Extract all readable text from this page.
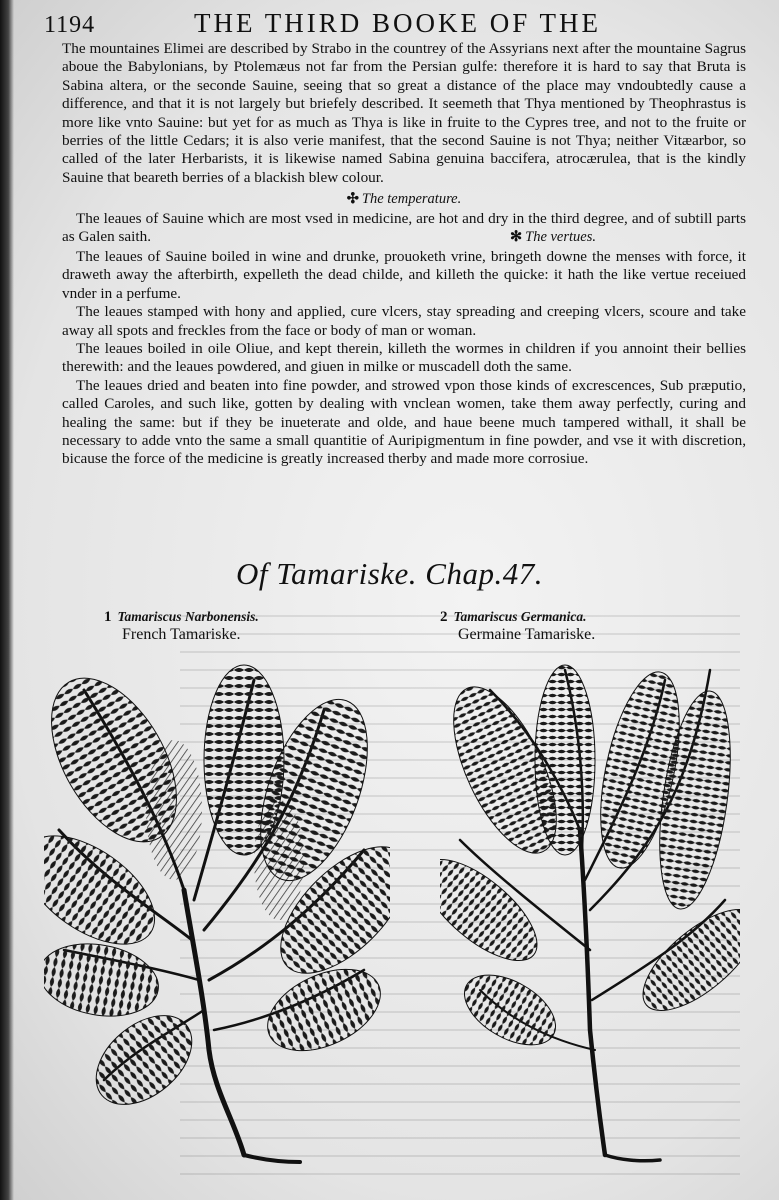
1194	THE THIRD BOOKE OF THE

The mountaines Elimei are described by Strabo in the countrey of the Assyrians next after the mountaine Sagrus aboue the Babylonians, by Ptolemæus not far from the Persian gulfe: therefore it is hard to say that Bruta is Sabina altera, or the seconde Sauine, seeing that so great a distance of the place may vndoubtedly cause a difference, and that it is not largely but briefely described. It seemeth that Thya mentioned by Theophrastus is more like vnto Sauine: but yet for as much as Thya is like in fruite to the Cypres tree, and not to the fruite or berries of the little Cedars; it is also verie manifest, that the second Sauine is not Thya; neither Vitæarbor, so called of the later Herbarists, it is likewise named Sabina genuina baccifera, atrocærulea, that is the kindly Sauine that beareth berries of a blackish blew colour.

✣ The temperature.

The leaues of Sauine which are most vsed in medicine, are hot and dry in the third degree, and of subtill parts as Galen saith.	✻ The vertues.

The leaues of Sauine boiled in wine and drunke, prouoketh vrine, bringeth downe the menses with force, it draweth away the afterbirth, expelleth the dead childe, and killeth the quicke: it hath the like vertue receiued vnder in a perfume.

The leaues stamped with hony and applied, cure vlcers, stay spreading and creeping vlcers, scoure and take away all spots and freckles from the face or body of man or woman.

The leaues boiled in oile Oliue, and kept therein, killeth the wormes in children if you annoint their bellies therewith: and the leaues powdered, and giuen in milke or muscadell doth the same.

The leaues dried and beaten into fine powder, and strowed vpon those kinds of excrescences, Sub præputio, called Caroles, and such like, gotten by dealing with vnclean women, take them away perfectly, curing and healing the same: but if they be inueterate and olde, and haue beene much tampered withall, it shall be necessary to adde vnto the same a small quantitie of Auripigmentum in fine powder, and vse it with discretion, bicause the force of the medicine is greatly increased therby and made more corrosiue.

Of Tamariske. Chap.47.
1 Tamariscus Narbonensis.
French Tamariske.
2 Tamariscus Germanica.
Germaine Tamariske.
